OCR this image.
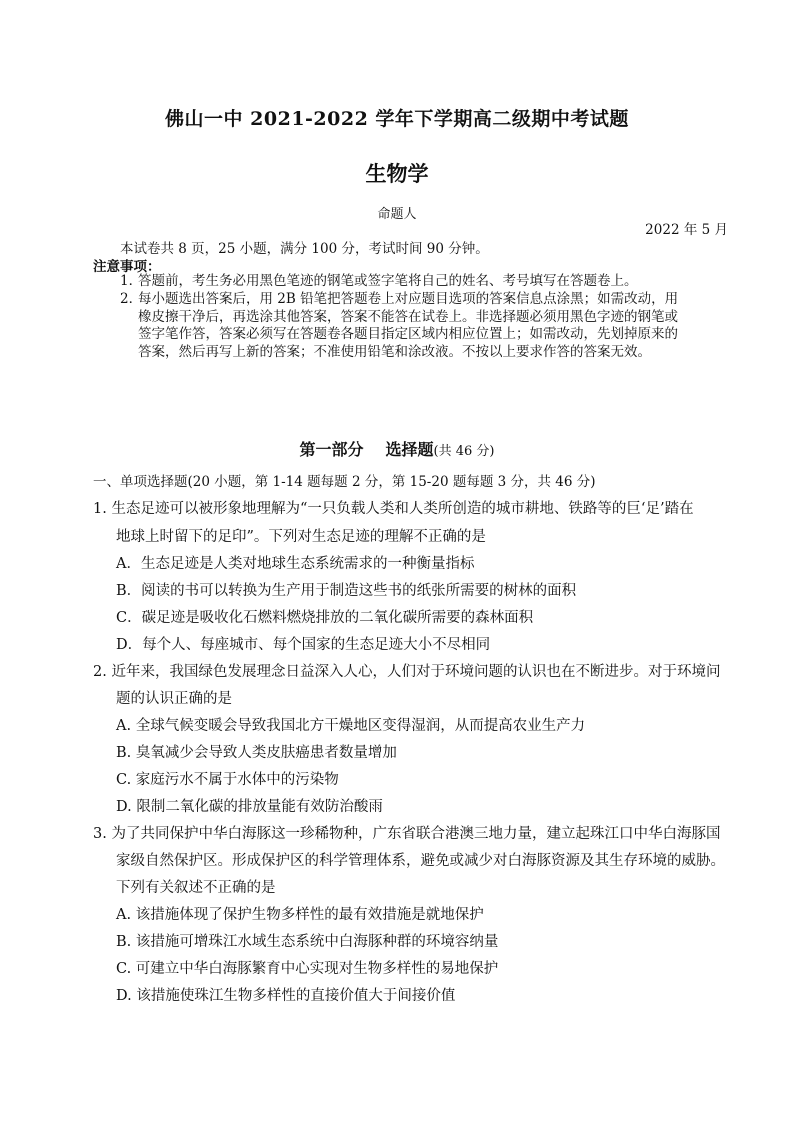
佛山一中 2021-2022 学年下学期高二级期中考试题
生物学
命题人
2022 年 5 月
本试卷共 8 页，25 小题，满分 100 分，考试时间 90 分钟。
注意事项：
1．
答题前，考生务必用黑色笔迹的钢笔或签字笔将自己的姓名、考号填写在答题卷上。
2．
每小题选出答案后，用 2B 铅笔把答题卷上对应题目选项的答案信息点涂黑；如需改动，用
橡皮擦干净后，再选涂其他答案，答案不能答在试卷上。非选择题必须用黑色字迹的钢笔或
签字笔作答，答案必须写在答题卷各题目指定区域内相应位置上；如需改动，先划掉原来的
答案，然后再写上新的答案；不准使用铅笔和涂改液。不按以上要求作答的答案无效。
第一部分 选择题(共 46 分)
一、单项选择题(20 小题，第 1-14 题每题 2 分，第 15-20 题每题 3 分，共 46 分)
1. 生态足迹可以被形象地理解为“一只负载人类和人类所创造的城市耕地、铁路等的巨‘足’踏在
地球上时留下的足印”。下列对生态足迹的理解不正确的是
A．生态足迹是人类对地球生态系统需求的一种衡量指标
B．阅读的书可以转换为生产用于制造这些书的纸张所需要的树林的面积
C．碳足迹是吸收化石燃料燃烧排放的二氧化碳所需要的森林面积
D．每个人、每座城市、每个国家的生态足迹大小不尽相同
2. 近年来，我国绿色发展理念日益深入人心，人们对于环境问题的认识也在不断进步。对于环境问
题的认识正确的是
A. 全球气候变暖会导致我国北方干燥地区变得湿润，从而提高农业生产力
B. 臭氧减少会导致人类皮肤癌患者数量增加
C. 家庭污水不属于水体中的污染物
D. 限制二氧化碳的排放量能有效防治酸雨
3. 为了共同保护中华白海豚这一珍稀物种，广东省联合港澳三地力量，建立起珠江口中华白海豚国
家级自然保护区。形成保护区的科学管理体系，避免或减少对白海豚资源及其生存环境的威胁。
下列有关叙述不正确的是
A. 该措施体现了保护生物多样性的最有效措施是就地保护
B. 该措施可增珠江水域生态系统中白海豚种群的环境容纳量
C. 可建立中华白海豚繁育中心实现对生物多样性的易地保护
D. 该措施使珠江生物多样性的直接价值大于间接价值
